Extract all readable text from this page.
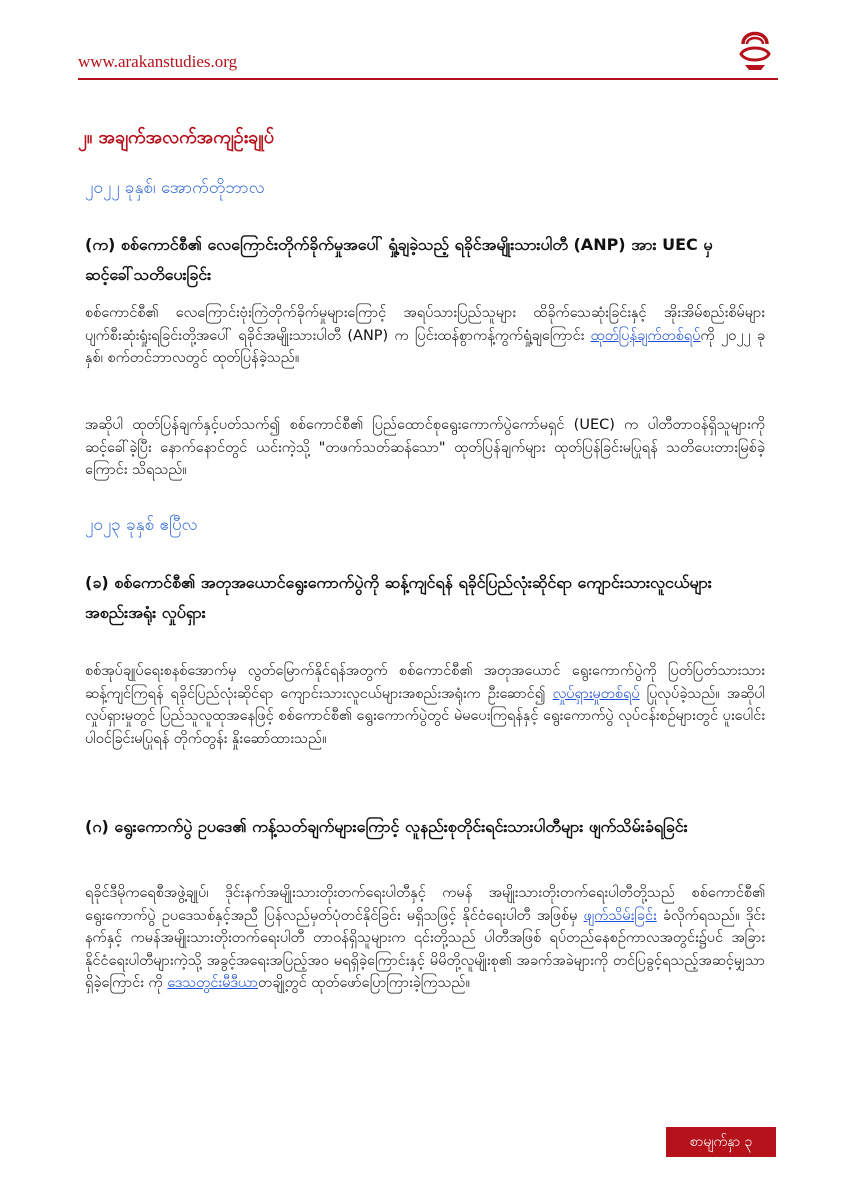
www.arakanstudies.org
၂။ အချက်အလက်အကျဉ်းချုပ်
၂၀၂၂ ခုနှစ်၊ အောက်တိုဘာလ
(က) စစ်ကောင်စီ၏ လေကြောင်းတိုက်ခိုက်မှုအပေါ် ရှုံ့ချခဲ့သည့် ရခိုင်အမျိုးသားပါတီ (ANP) အား UEC မှ ဆင့်ခေါ်သတိပေးခြင်း
စစ်ကောင်စီ၏ လေကြောင်းဗုံးကြဲတိုက်ခိုက်မှုများကြောင့် အရပ်သားပြည်သူများ ထိခိုက်သေဆုံးခြင်းနှင့် အိုးအိမ်စည်းစိမ်များ ပျက်စီးဆုံးရှုံးရခြင်းတို့အပေါ် ရခိုင်အမျိုးသားပါတီ (ANP) က ပြင်းထန်စွာကန့်ကွက်ရှုံ့ချကြောင်း ထုတ်ပြန်ချက်တစ်ရပ်ကို ၂၀၂၂ ခုနှစ်၊ စက်တင်ဘာလတွင် ထုတ်ပြန်ခဲ့သည်။
အဆိုပါ ထုတ်ပြန်ချက်နှင့်ပတ်သက်၍ စစ်ကောင်စီ၏ ပြည်ထောင်စုရွေးကောက်ပွဲကော်မရှင် (UEC) က ပါတီတာဝန်ရှိသူများကို ဆင့်ခေါ်ခဲ့ပြီး နောက်နောင်တွင် ယင်းကဲ့သို့ "တဖက်သတ်ဆန်သော" ထုတ်ပြန်ချက်များ ထုတ်ပြန်ခြင်းမပြုရန် သတိပေးတားမြစ်ခဲ့ကြောင်း သိရသည်။
၂၀၂၃ ခုနှစ် ဧပြီလ
(ခ) စစ်ကောင်စီ၏ အတုအယောင်ရွေးကောက်ပွဲကို ဆန့်ကျင်ရန် ရခိုင်ပြည်လုံးဆိုင်ရာ ကျောင်းသားလူငယ်များအစည်းအရုံး လှုပ်ရှား
စစ်အုပ်ချုပ်ရေးစနစ်အောက်မှ လွတ်မြောက်နိုင်ရန်အတွက် စစ်ကောင်စီ၏ အတုအယောင် ရွေးကောက်ပွဲကို ပြတ်ပြတ်သားသား ဆန့်ကျင်ကြရန် ရခိုင်ပြည်လုံးဆိုင်ရာ ကျောင်းသားလူငယ်များအစည်းအရုံးက ဦးဆောင်၍ လှုပ်ရှားမှုတစ်ရပ် ပြုလုပ်ခဲ့သည်။ အဆိုပါလှုပ်ရှားမှုတွင် ပြည်သူလူထုအနေဖြင့် စစ်ကောင်စီ၏ ရွေးကောက်ပွဲတွင် မဲမပေးကြရန်နှင့် ရွေးကောက်ပွဲ လုပ်ငန်းစဉ်များတွင် ပူးပေါင်းပါဝင်ခြင်းမပြုရန် တိုက်တွန်း နှိုးဆော်ထားသည်။
(ဂ) ရွေးကောက်ပွဲ ဥပဒေ၏ ကန့်သတ်ချက်များကြောင့် လူနည်းစုတိုင်းရင်းသားပါတီများ ဖျက်သိမ်းခံရခြင်း
ရခိုင်ဒီမိုကရေစီအဖွဲ့ချုပ်၊ ဒိုင်းနက်အမျိုးသားတိုးတက်ရေးပါတီနှင့် ကမန် အမျိုးသားတိုးတက်ရေးပါတီတို့သည် စစ်ကောင်စီ၏ ရွေးကောက်ပွဲ ဥပဒေသစ်နှင့်အညီ ပြန်လည်မှတ်ပုံတင်နိုင်ခြင်း မရှိသဖြင့် နိုင်ငံရေးပါတီ အဖြစ်မှ ဖျက်သိမ်းခြင်း ခံလိုက်ရသည်။ ဒိုင်းနက်နှင့် ကမန်အမျိုးသားတိုးတက်ရေးပါတီ တာဝန်ရှိသူများက ၎င်းတို့သည် ပါတီအဖြစ် ရပ်တည်နေစဉ်ကာလအတွင်း၌ပင် အခြားနိုင်ငံရေးပါတီများကဲ့သို့ အခွင့်အရေးအပြည့်အဝ မရရှိခဲ့ကြောင်းနှင့် မိမိတို့လူမျိုးစု၏ အခက်အခဲများကို တင်ပြခွင့်ရသည့်အဆင့်မျှသာ ရှိခဲ့ကြောင်း ကို ဒေသတွင်းမီဒီယာတချို့တွင် ထုတ်ဖော်ပြောကြားခဲ့ကြသည်။
စာမျက်နှာ ၃
